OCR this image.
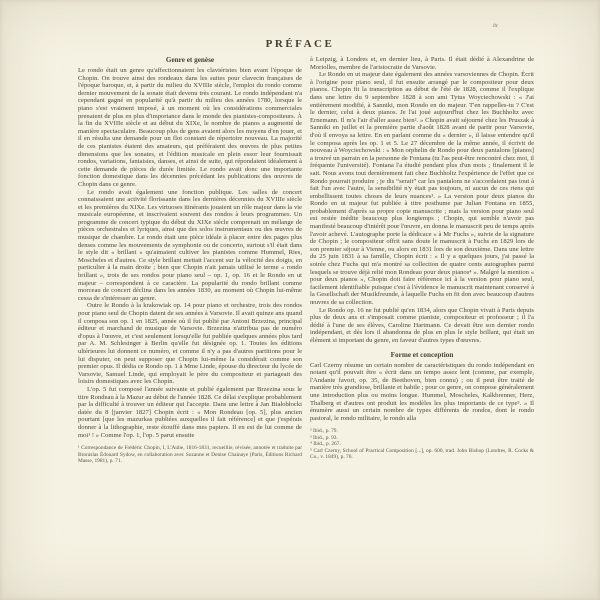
ix
PRÉFACE
Genre et genèse

Le rondo était un genre qu'affectionnaient les claviéristes bien avant l'époque de Chopin. On trouve ainsi des rondeaux dans les suites pour clavecin françaises de l'époque baroque, et, à partir du milieu du XVIIIe siècle, l'emploi du rondo comme dernier mouvement de la sonate était devenu très courant. Le rondo indépendant n'a cependant gagné en popularité qu'à partir du milieu des années 1780, lorsque le piano s'est vraiment imposé, à un moment où les considérations commerciales prenaient de plus en plus d'importance dans le monde des pianistes-compositeurs. À la fin du XVIIIe siècle et au début du XIXe, le nombre de pianos a augmenté de manière spectaculaire. Beaucoup plus de gens avaient alors les moyens d'en jouer, et il en résulta une demande pour un flot constant de répertoire nouveau. La majorité de ces pianistes étaient des amateurs, qui préféraient des œuvres de plus petites dimensions que les sonates, et l'édition musicale en plein essor leur fournissait rondos, variations, fantaisies, danses, et ainsi de suite, qui répondaient idéalement à cette demande de pièces de durée limitée. Le rondo avait donc une importante fonction domestique dans les décennies précédant les publications des œuvres de Chopin dans ce genre.

Le rondo avait également une fonction publique. Les salles de concert connaissaient une activité florissante dans les dernières décennies du XVIIIe siècle et les premières du XIXe. Les virtuoses itinérants jouaient un rôle majeur dans la vie musicale européenne, et inscrivaient souvent des rondos à leurs programmes. Un programme de concert typique du début du XIXe siècle comprenait un mélange de pièces orchestrales et lyriques, ainsi que des solos instrumentaux ou des œuvres de musique de chambre. Le rondo était une pièce idéale à placer entre des pages plus denses comme les mouvements de symphonie ou de concerto, surtout s'il était dans le style dit « brillant » qu'aimaient cultiver les pianistes comme Hummel, Ries, Moscheles et d'autres. Ce style brillant mettait l'accent sur la vélocité des doigts, en particulier à la main droite ; bien que Chopin n'ait jamais utilisé le terme « rondo brillant », trois de ses rondos pour piano seul – op. 1, op. 16 et le Rondo en ut majeur – correspondent à ce caractère. La popularité du rondo brillant comme morceau de concert déclina dans les années 1830, au moment où Chopin lui-même cessa de s'intéresser au genre.

Outre le Rondo à la krakowiak op. 14 pour piano et orchestre, trois des rondos pour piano seul de Chopin datent de ses années à Varsovie. Il avait quinze ans quand il composa son op. 1 en 1825, année où il fut publié par Antoni Brzezina, principal éditeur et marchand de musique de Varsovie. Brzezina n'attribua pas de numéro d'opus à l'œuvre, et c'est seulement lorsqu'elle fut publiée quelques années plus tard par A. M. Schlesinger à Berlin qu'elle fut désignée op. 1. Toutes les éditions ultérieures lui donnent ce numéro, et comme il n'y a pas d'autres partitions pour le lui disputer, on peut supposer que Chopin lui-même la considérait comme son premier opus. Il dédia ce Rondo op. 1 à Mme Linde, épouse du directeur du lycée de Varsovie, Samuel Linde, qui employait le père du compositeur et partageait des loisirs domestiques avec les Chopin.

L'op. 5 fut composé l'année suivante et publié également par Brzezina sous le titre Rondeau à la Mazur au début de l'année 1828. Ce délai s'explique probablement par la difficulté à trouver un éditeur qui l'accepte. Dans une lettre à Jan Białobłocki datée du 8 [janvier 1827] Chopin écrit : « Mon Rondeau [op. 5], plus ancien pourtant [que les mazurkas publiées auxquelles il fait référence] et que j'espérais donner à la lithographie, reste étouffé dans mes papiers. Il en est de lui comme de moi¹ ! » Comme l'op. 1, l'op. 5 parut ensuite

¹ Correspondance de Frédéric Chopin, I, L'Aube, 1816-1831, recueillie, révisée, annotée et traduite par Bronislas Édouard Sydow, en collaboration avec Suzanne et Denise Chainaye (Paris, Éditions Richard Masse, 1981), p. 71.

à Leipzig, à Londres et, en dernier lieu, à Paris. Il était dédié à Alexandrine de Moriolles, membre de l'aristocratie de Varsovie.

Le Rondo en ut majeur date également des années varsoviennes de Chopin. Écrit à l'origine pour piano seul, il fut ensuite arrangé par le compositeur pour deux pianos. Chopin fit la transcription au début de l'été de 1828, comme il l'explique dans une lettre du 9 septembre 1828 à son ami Tytus Woyciechowski : « J'ai entièrement modifié, à Sanniki, mon Rondo en do majeur. T'en rappelles-tu ? C'est le dernier, celui à deux pianos. Je l'ai joué aujourd'hui chez les Buchholtz avec Ernemann. Il m'a l'air d'aller assez bien². » Chopin avait séjourné chez les Pruszak à Sanniki en juillet et la première partie d'août 1828 avant de partir pour Varsovie, d'où il envoya sa lettre. En en parlant comme du « dernier », il laisse entendre qu'il le composa après les op. 1 et 5. Le 27 décembre de la même année, il écrivit de nouveau à Woyciechowski : « Mon orphelin de Rondo pour deux pantalons [pianos] a trouvé un parrain en la personne de Fontana (tu l'as peut-être rencontré chez moi, il fréquente l'université). Fontana l'a étudié pendant plus d'un mois ; finalement il le sait. Nous avons tout dernièrement fait chez Buchholtz l'expérience de l'effet que ce Rondo pourrait produire ; je dis “serait” car les pantalons ne s'accordaient pas tout à fait l'un avec l'autre, la sensibilité n'y était pas toujours, ni aucun de ces riens qui embellissent toutes choses de leurs nuances³. » La version pour deux pianos du Rondo en ut majeur fut publiée à titre posthume par Julian Fontana en 1855, probablement d'après sa propre copie manuscrite ; mais la version pour piano seul est restée inédite beaucoup plus longtemps ; Chopin, qui semble n'avoir pas manifesté beaucoup d'intérêt pour l'œuvre, en donna le manuscrit peu de temps après l'avoir achevé. L'autographe porte la dédicace « à Mr Fuchs », suivie de la signature de Chopin ; le compositeur offrit sans doute le manuscrit à Fuchs en 1829 lors de son premier séjour à Vienne, ou alors en 1831 lors de son deuxième. Dans une lettre du 25 juin 1831 à sa famille, Chopin écrit : « Il y a quelques jours, j'ai passé la soirée chez Fuchs qui m'a montré sa collection de quatre cents autographes parmi lesquels se trouve déjà relié mon Rondeau pour deux pianos⁴ ». Malgré la mention « pour deux pianos », Chopin doit faire référence ici à la version pour piano seul, facilement identifiable puisque c'est à l'évidence le manuscrit maintenant conservé à la Gesellschaft der Musikfreunde, à laquelle Fuchs en fit don avec beaucoup d'autres œuvres de sa collection.

Le Rondo op. 16 ne fut publié qu'en 1834, alors que Chopin vivait à Paris depuis plus de deux ans et s'imposait comme pianiste, compositeur et professeur ; il l'a dédié à l'une de ses élèves, Caroline Hartmann. Ce devait être son dernier rondo indépendant, et dès lors il abandonna de plus en plus le style brillant, qui était un élément si important du genre, en faveur d'autres types d'œuvres.

Forme et conception

Carl Czerny résume un certain nombre de caractéristiques du rondo indépendant en notant qu'il pouvait être « écrit dans un tempo assez lent (comme, par exemple, l'Andante favori, op. 35, de Beethoven, bien connu) ; ou il peut être traité de manière très grandiose, brillante et habile ; pour ce genre, on compose généralement une introduction plus ou moins longue. Hummel, Moscheles, Kalkbrenner, Herz, Thalberg et d'autres ont produit les modèles les plus importants de ce type⁵. » Il énumère aussi un certain nombre de types différents de rondos, dont le rondo pastoral, le rondo militaire, le rondo alla

² Ibid., p. 79.

³ Ibid., p. 93.

⁴ Ibid., p. 267.

⁵ Carl Czerny, School of Practical Composition [...], op. 600, trad. John Bishop (Londres, R. Cocks & Co., v. 1849), p. 76.
